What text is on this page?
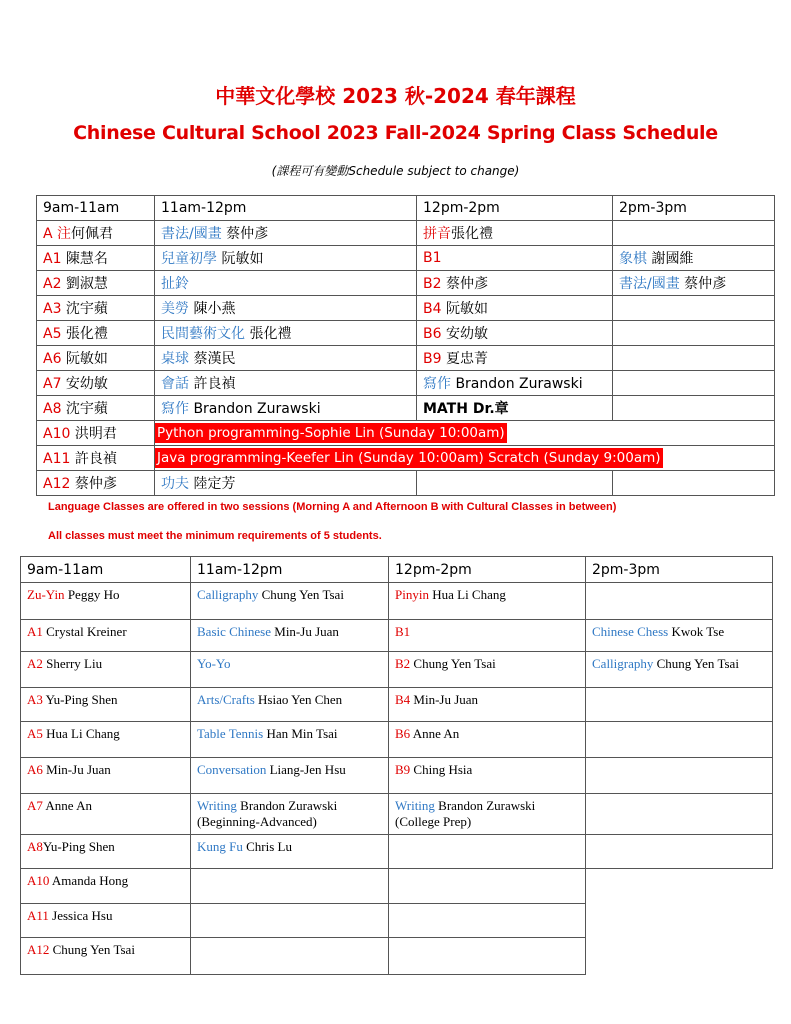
中華文化學校 2023 秋-2024 春年課程
Chinese Cultural School 2023 Fall-2024 Spring Class Schedule
(課程可有變動Schedule subject to change)
9am-11am	11am-12pm	12pm-2pm	2pm-3pm
A 注何佩君	書法/國畫 蔡仲彥	拼音張化禮	
A1 陳慧名	兒童初學 阮敏如	B1	象棋 謝國維
A2 劉淑慧	扯鈴	B2 蔡仲彥	書法/國畫 蔡仲彥
A3 沈宇蘋	美勞 陳小燕	B4 阮敏如	
A5 張化禮	民間藝術文化 張化禮	B6 安幼敏	
A6 阮敏如	桌球 蔡漢民	B9 夏忠菁	
A7 安幼敏	會話 許良禎	寫作 Brandon Zurawski	
A8 沈宇蘋	寫作 Brandon Zurawski	MATH Dr.章	
A10 洪明君	Python programming-Sophie Lin (Sunday 10:00am)		
A11 許良禎	Java programming-Keefer Lin (Sunday 10:00am) Scratch (Sunday 9:00am)		
A12 蔡仲彥	功夫 陸定芳		
Language Classes are offered in two sessions (Morning A and Afternoon B with Cultural Classes in between)
All classes must meet the minimum requirements of 5 students.
9am-11am	11am-12pm	12pm-2pm	2pm-3pm
Zu-Yin Peggy Ho	Calligraphy Chung Yen Tsai	Pinyin Hua Li Chang	
A1 Crystal Kreiner	Basic Chinese Min-Ju Juan	B1	Chinese Chess Kwok Tse
A2 Sherry Liu	Yo-Yo	B2 Chung Yen Tsai	Calligraphy Chung Yen Tsai
A3 Yu-Ping Shen	Arts/Crafts Hsiao Yen Chen	B4 Min-Ju Juan	
A5 Hua Li Chang	Table Tennis Han Min Tsai	B6 Anne An	
A6 Min-Ju Juan	Conversation Liang-Jen Hsu	B9 Ching Hsia	
A7 Anne An	Writing Brandon Zurawski (Beginning-Advanced)	Writing Brandon Zurawski (College Prep)	
A8Yu-Ping Shen	Kung Fu Chris Lu		
A10 Amanda Hong			
A11 Jessica Hsu			
A12 Chung Yen Tsai			
